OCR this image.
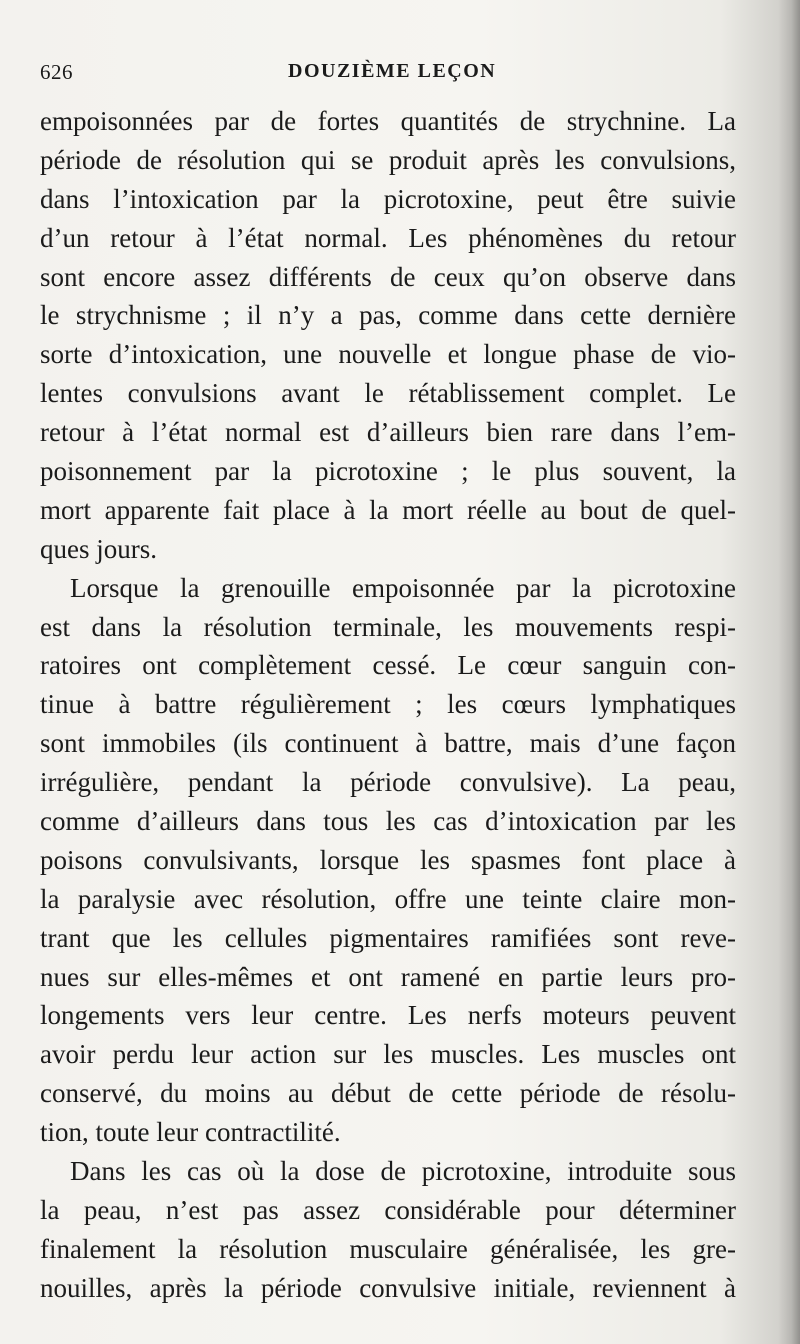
626	DOUZIÈME LEÇON
empoisonnées par de fortes quantités de strychnine. La
période de résolution qui se produit après les convulsions,
dans l’intoxication par la picrotoxine, peut être suivie
d’un retour à l’état normal. Les phénomènes du retour
sont encore assez différents de ceux qu’on observe dans
le strychnisme ; il n’y a pas, comme dans cette dernière
sorte d’intoxication, une nouvelle et longue phase de vio-
lentes convulsions avant le rétablissement complet. Le
retour à l’état normal est d’ailleurs bien rare dans l’em-
poisonnement par la picrotoxine ; le plus souvent, la
mort apparente fait place à la mort réelle au bout de quel-
ques jours.
Lorsque la grenouille empoisonnée par la picrotoxine
est dans la résolution terminale, les mouvements respi-
ratoires ont complètement cessé. Le cœur sanguin con-
tinue à battre régulièrement ; les cœurs lymphatiques
sont immobiles (ils continuent à battre, mais d’une façon
irrégulière, pendant la période convulsive). La peau,
comme d’ailleurs dans tous les cas d’intoxication par les
poisons convulsivants, lorsque les spasmes font place à
la paralysie avec résolution, offre une teinte claire mon-
trant que les cellules pigmentaires ramifiées sont reve-
nues sur elles-mêmes et ont ramené en partie leurs pro-
longements vers leur centre. Les nerfs moteurs peuvent
avoir perdu leur action sur les muscles. Les muscles ont
conservé, du moins au début de cette période de résolu-
tion, toute leur contractilité.
Dans les cas où la dose de picrotoxine, introduite sous
la peau, n’est pas assez considérable pour déterminer
finalement la résolution musculaire généralisée, les gre-
nouilles, après la période convulsive initiale, reviennent à
